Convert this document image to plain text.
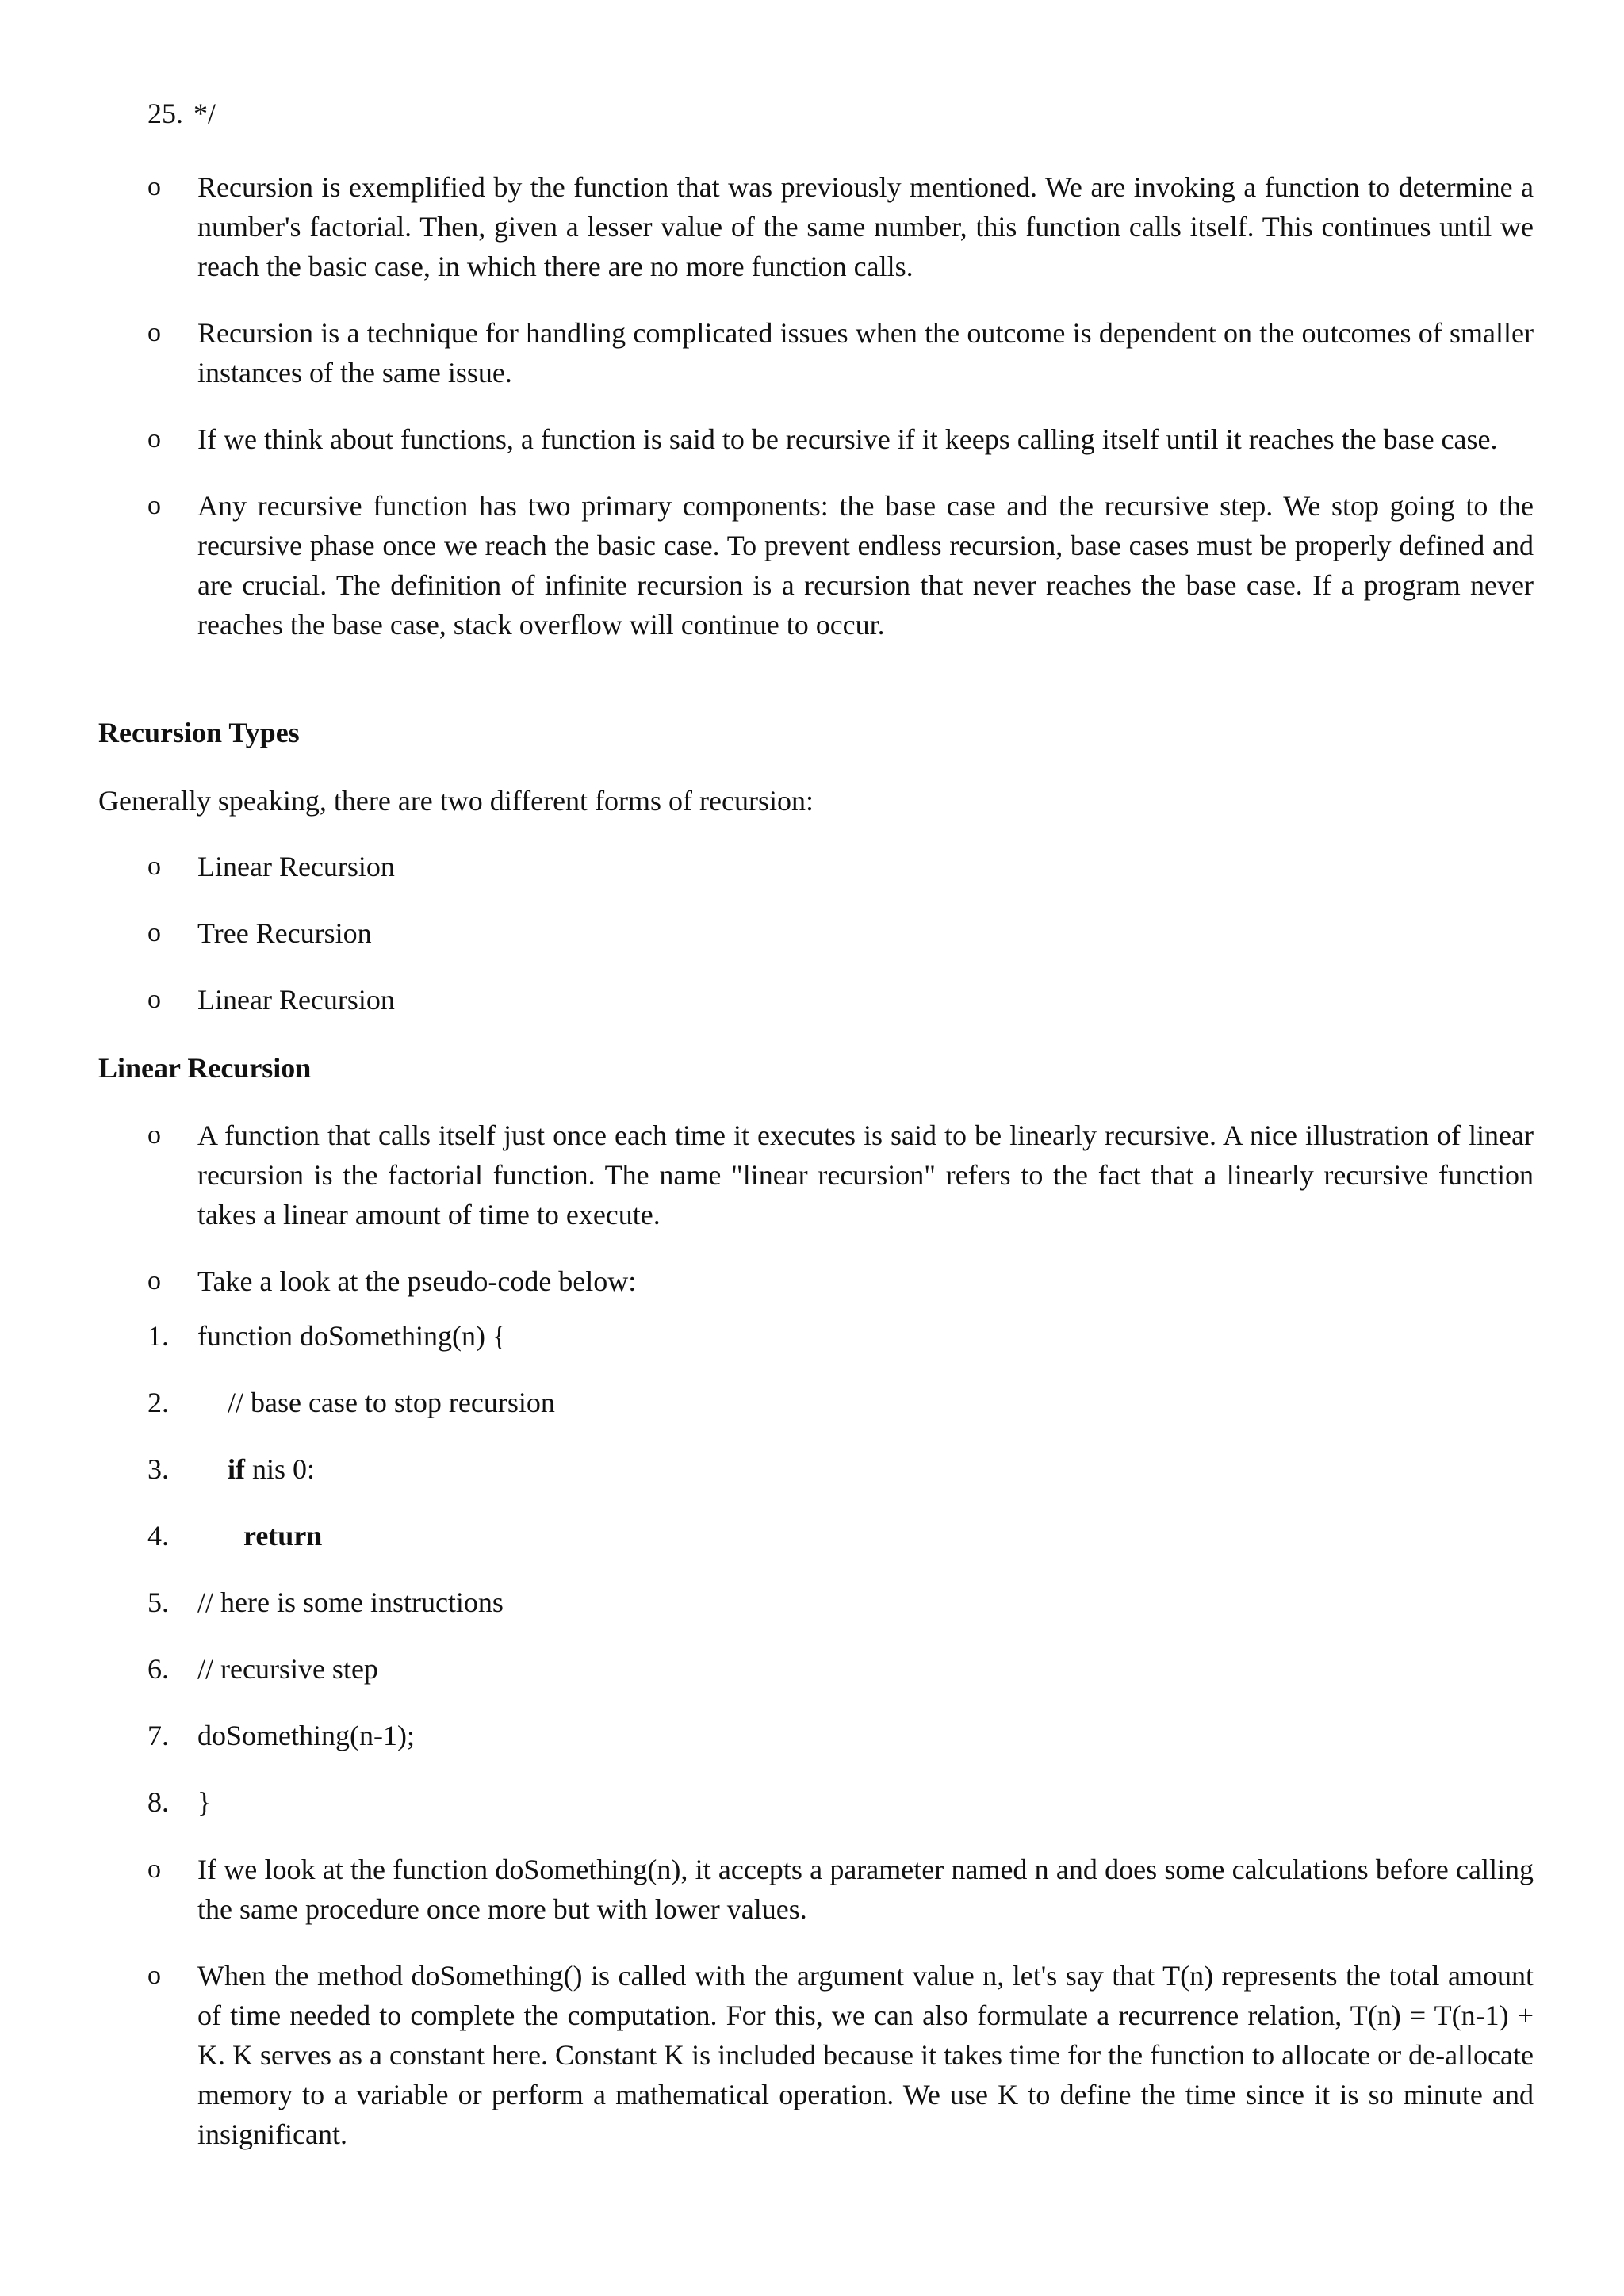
25. */
o Recursion is exemplified by the function that was previously mentioned. We are invoking a function to determine a number's factorial. Then, given a lesser value of the same number, this function calls itself. This continues until we reach the basic case, in which there are no more function calls.
o Recursion is a technique for handling complicated issues when the outcome is dependent on the outcomes of smaller instances of the same issue.
o If we think about functions, a function is said to be recursive if it keeps calling itself until it reaches the base case.
o Any recursive function has two primary components: the base case and the recursive step. We stop going to the recursive phase once we reach the basic case. To prevent endless recursion, base cases must be properly defined and are crucial. The definition of infinite recursion is a recursion that never reaches the base case. If a program never reaches the base case, stack overflow will continue to occur.
Recursion Types
Generally speaking, there are two different forms of recursion:
o Linear Recursion
o Tree Recursion
o Linear Recursion
Linear Recursion
o A function that calls itself just once each time it executes is said to be linearly recursive. A nice illustration of linear recursion is the factorial function. The name "linear recursion" refers to the fact that a linearly recursive function takes a linear amount of time to execute.
o Take a look at the pseudo-code below:
1. function doSomething(n) {
2. // base case to stop recursion
3. if nis 0:
4.	return
5. // here is some instructions
6. // recursive step
7. doSomething(n-1);
8. }
o If we look at the function doSomething(n), it accepts a parameter named n and does some calculations before calling the same procedure once more but with lower values.
o When the method doSomething() is called with the argument value n, let's say that T(n) represents the total amount of time needed to complete the computation. For this, we can also formulate a recurrence relation, T(n) = T(n-1) + K. K serves as a constant here. Constant K is included because it takes time for the function to allocate or de-allocate memory to a variable or perform a mathematical operation. We use K to define the time since it is so minute and insignificant.
